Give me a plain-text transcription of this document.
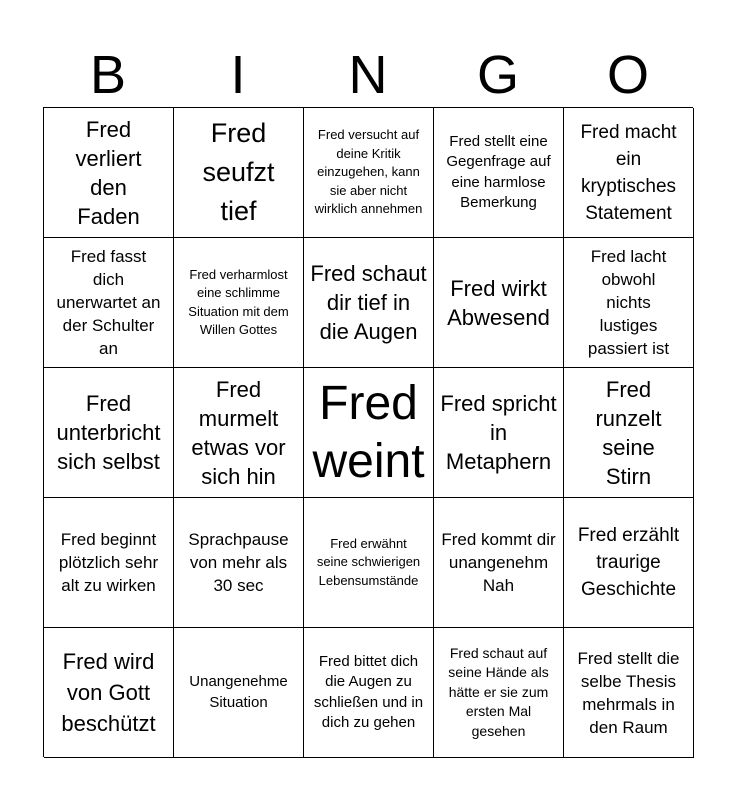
B	I	N	G	O
Fred verliert den Faden
Fred seufzt tief
Fred versucht auf deine Kritik einzugehen, kann sie aber nicht wirklich annehmen
Fred stellt eine Gegenfrage auf eine harmlose Bemerkung
Fred macht ein kryptisches Statement
Fred fasst dich unerwartet an der Schulter an
Fred verharmlost eine schlimme Situation mit dem Willen Gottes
Fred schaut dir tief in die Augen
Fred wirkt Abwesend
Fred lacht obwohl nichts lustiges passiert ist
Fred unterbricht sich selbst
Fred murmelt etwas vor sich hin
Fred weint
Fred spricht in Metaphern
Fred runzelt seine Stirn
Fred beginnt plötzlich sehr alt zu wirken
Sprachpause von mehr als 30 sec
Fred erwähnt seine schwierigen Lebensumstände
Fred kommt dir unangenehm Nah
Fred erzählt traurige Geschichte
Fred wird von Gott beschützt
Unangenehme Situation
Fred bittet dich die Augen zu schließen und in dich zu gehen
Fred schaut auf seine Hände als hätte er sie zum ersten Mal gesehen
Fred stellt die selbe Thesis mehrmals in den Raum
